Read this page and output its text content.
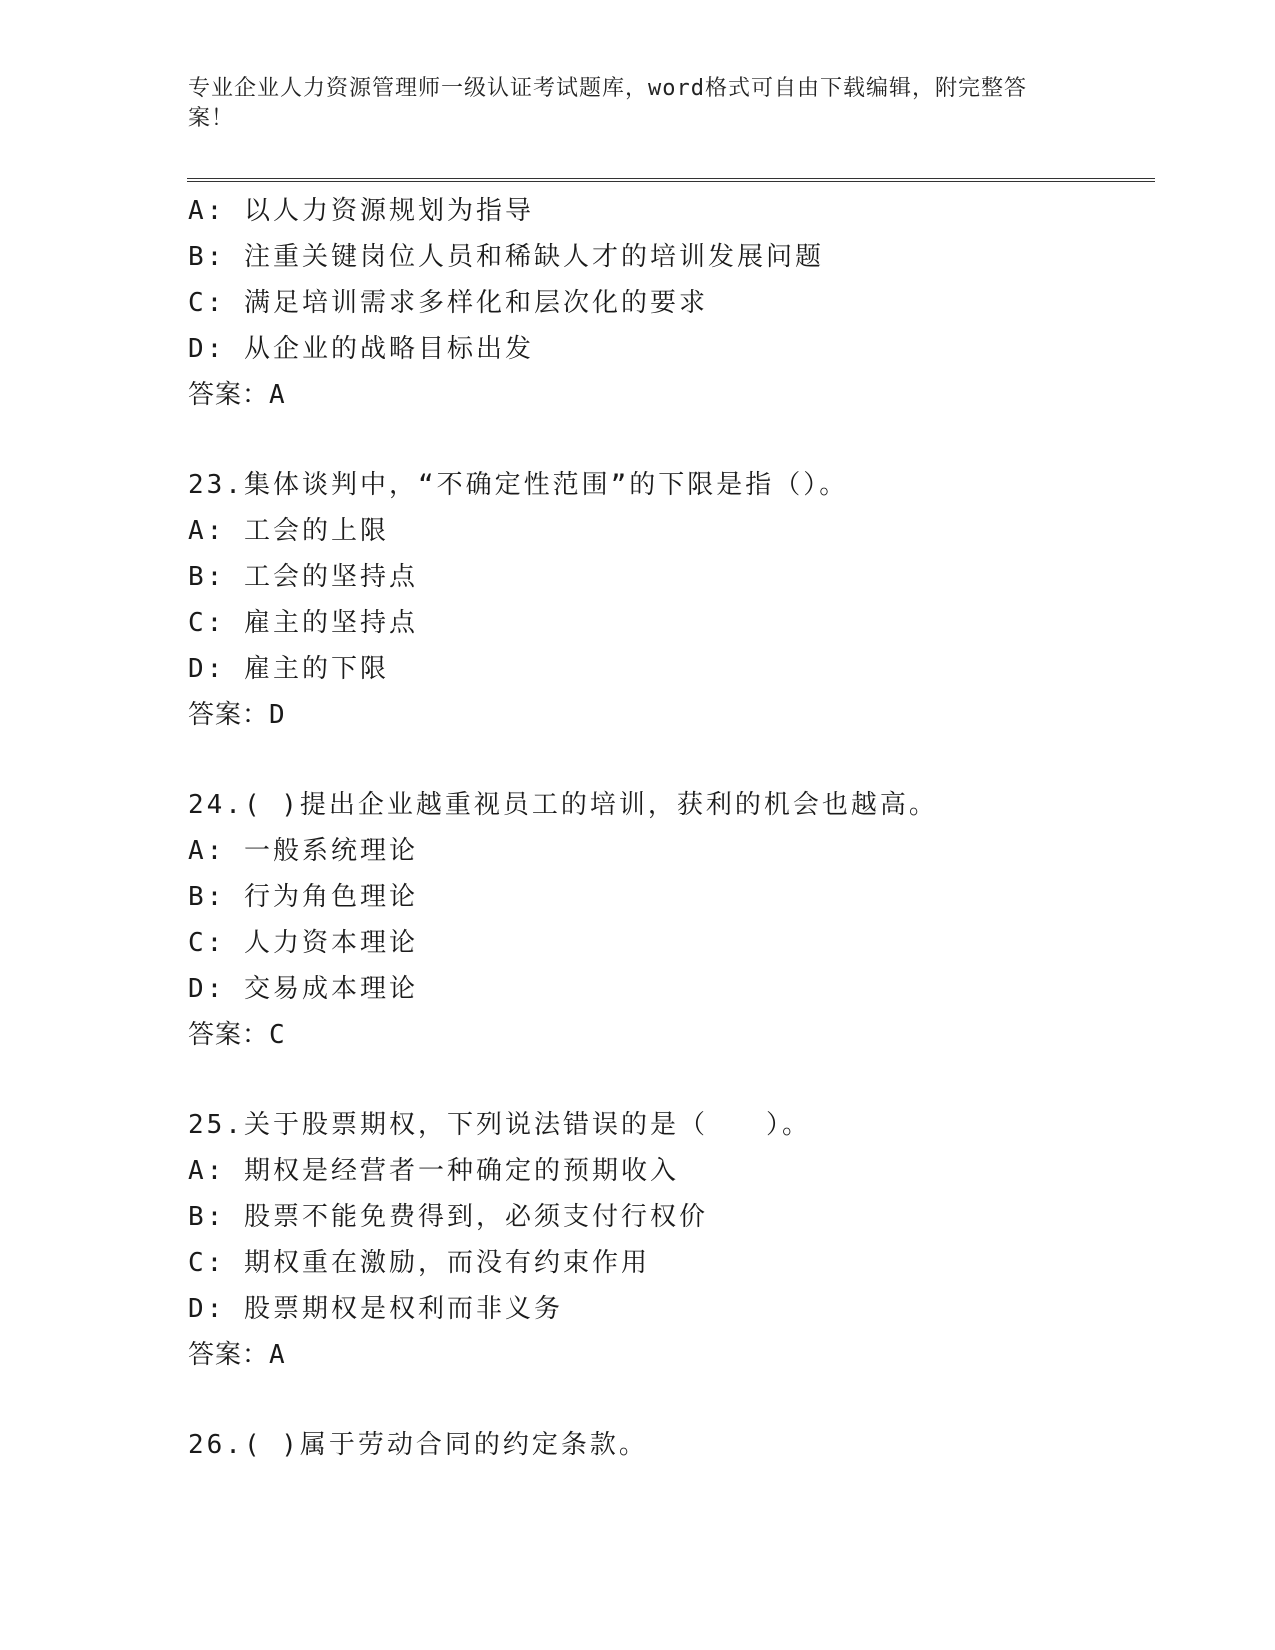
专业企业人力资源管理师一级认证考试题库，word格式可自由下载编辑，附完整答案！
A: 以人力资源规划为指导
B: 注重关键岗位人员和稀缺人才的培训发展问题
C: 满足培训需求多样化和层次化的要求
D: 从企业的战略目标出发
答案：A
23.集体谈判中，“不确定性范围”的下限是指（）。
A: 工会的上限
B: 工会的坚持点
C: 雇主的坚持点
D: 雇主的下限
答案：D
24.( )提出企业越重视员工的培训，获利的机会也越高。
A: 一般系统理论
B: 行为角色理论
C: 人力资本理论
D: 交易成本理论
答案：C
25.关于股票期权，下列说法错误的是（　　）。
A: 期权是经营者一种确定的预期收入
B: 股票不能免费得到，必须支付行权价
C: 期权重在激励，而没有约束作用
D: 股票期权是权利而非义务
答案：A
26.( )属于劳动合同的约定条款。
